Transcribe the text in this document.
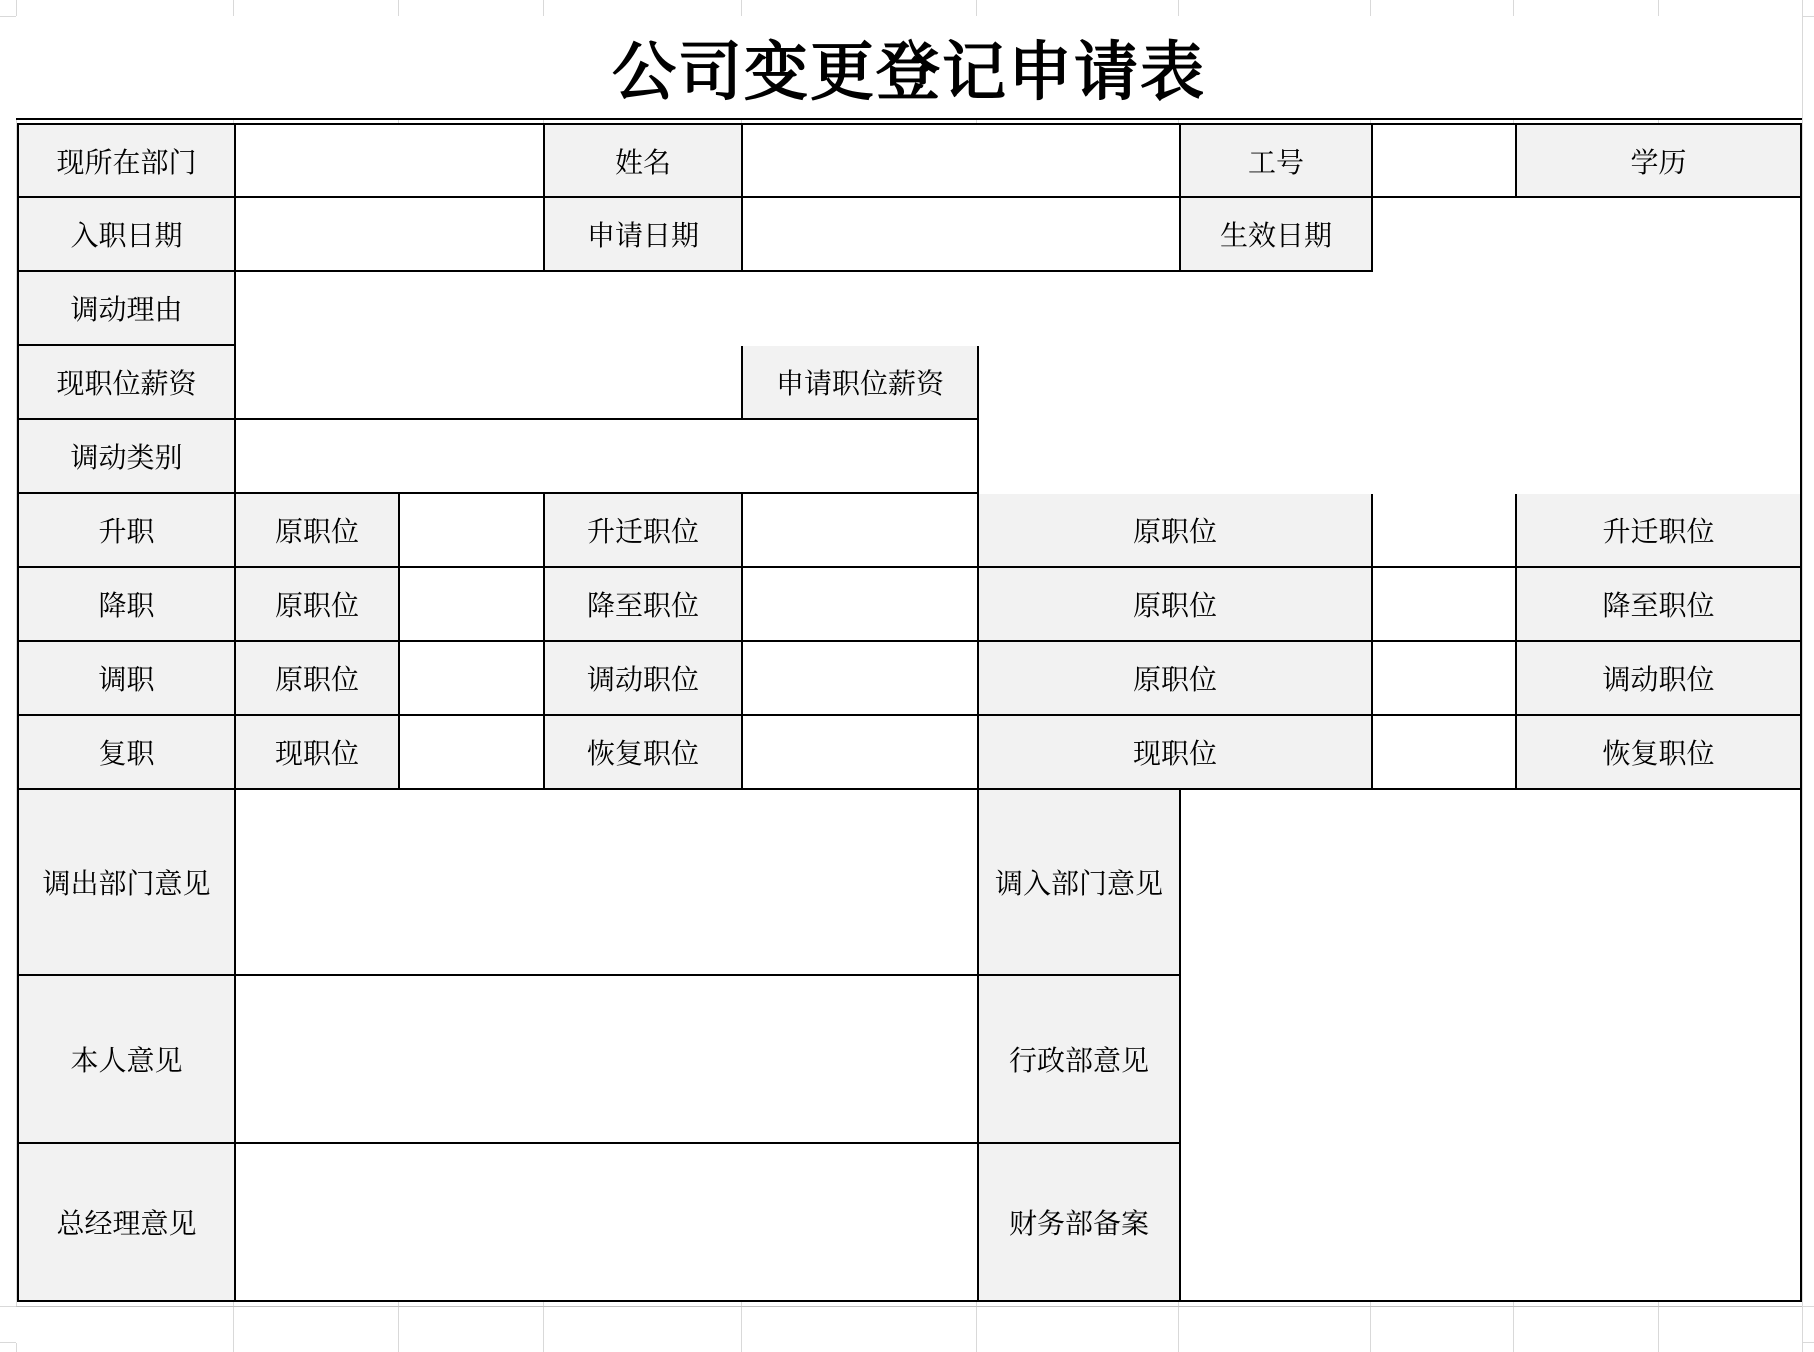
公司变更登记申请表
现所在部门	姓名	工号	学历
入职日期	申请日期	生效日期
调动理由
现职位薪资	申请职位薪资
调动类别
升职	原职位	升迁职位	原职位	升迁职位
降职	原职位	降至职位	原职位	降至职位
调职	原职位	调动职位	原职位	调动职位
复职	现职位	恢复职位	现职位	恢复职位
调出部门意见	调入部门意见
本人意见	行政部意见
总经理意见	财务部备案
